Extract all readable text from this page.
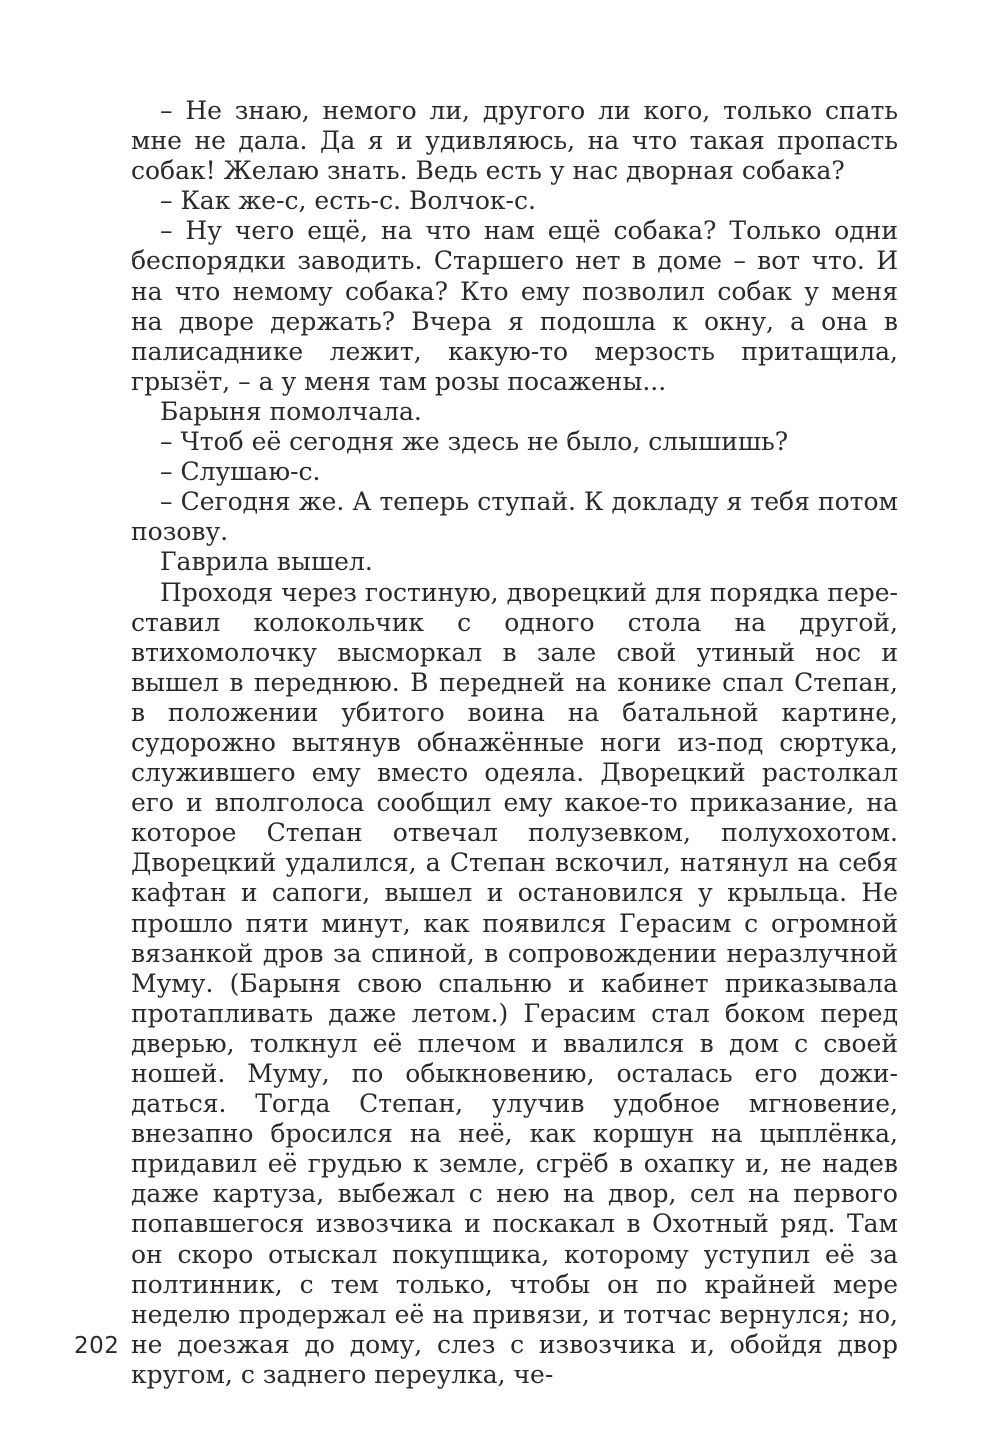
– Не знаю, немого ли, другого ли кого, только спать мне не дала. Да я и удивляюсь, на что такая пропасть собак! Желаю знать. Ведь есть у нас дворная собака?

– Как же-с, есть-с. Волчок-с.

– Ну чего ещё, на что нам ещё собака? Только одни беспорядки заводить. Старшего нет в доме – вот что. И на что немому собака? Кто ему позволил собак у меня на дворе держать? Вчера я подошла к окну, а она в палисаднике лежит, какую-то мерзость притащила, грызёт, – а у меня там розы посажены...

Барыня помолчала.

– Чтоб её сегодня же здесь не было, слышишь?

– Слушаю-с.

– Сегодня же. А теперь ступай. К докладу я тебя потом позову.

Гаврила вышел.

Проходя через гостиную, дворецкий для порядка переставил колокольчик с одного стола на другой, втихомолочку высморкал в зале свой утиный нос и вышел в переднюю. В передней на конике спал Степан, в положении убитого воина на батальной картине, судорожно вытянув обнажённые ноги из-под сюртука, служившего ему вместо одеяла. Дворецкий растолкал его и вполголоса сообщил ему какое-то приказание, на которое Степан отвечал полузевком, полухохотом. Дворецкий удалился, а Степан вскочил, натянул на себя кафтан и сапоги, вышел и остановился у крыльца. Не прошло пяти минут, как появился Герасим с огромной вязанкой дров за спиной, в сопровождении неразлучной Муму. (Барыня свою спальню и кабинет приказывала протапливать даже летом.) Герасим стал боком перед дверью, толкнул её плечом и ввалился в дом с своей ношей. Муму, по обыкновению, осталась его дожидаться. Тогда Степан, улучив удобное мгновение, внезапно бросился на неё, как коршун на цыплёнка, придавил её грудью к земле, сгрёб в охапку и, не надев даже картуза, выбежал с нею на двор, сел на первого попавшегося извозчика и поскакал в Охотный ряд. Там он скоро отыскал покупщика, которому уступил её за полтинник, с тем только, чтобы он по крайней мере неделю продержал её на привязи, и тотчас вернулся; но, не доезжая до дому, слез с извозчика и, обойдя двор кругом, с заднего переулка, че-

202
